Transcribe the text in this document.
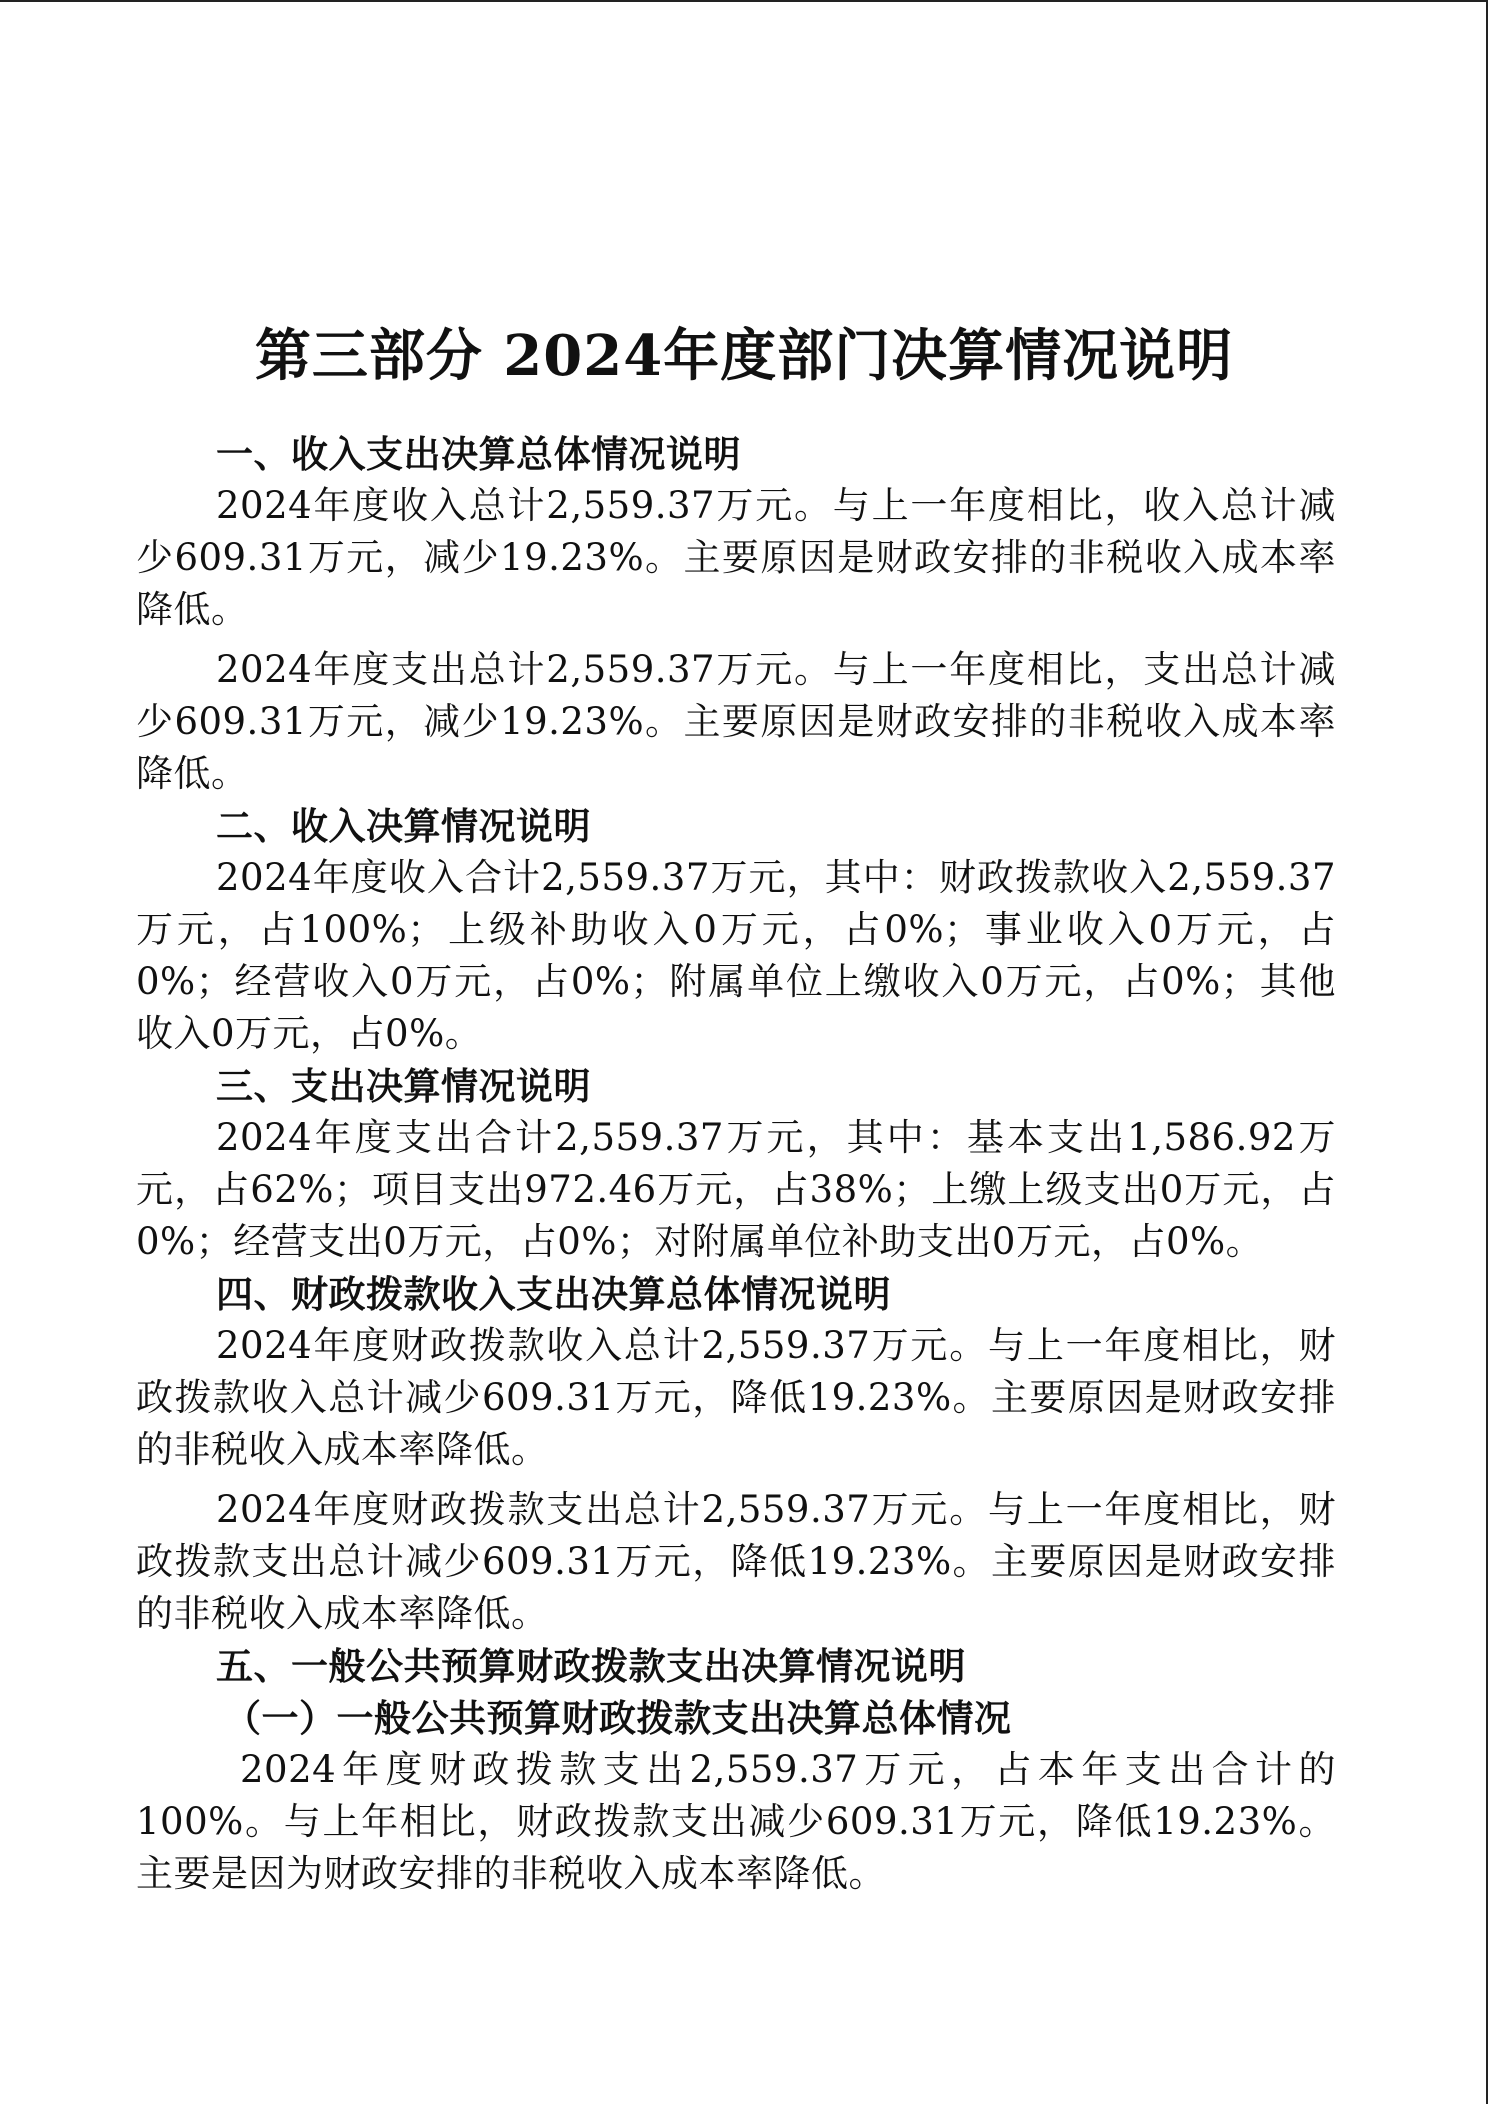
第三部分 2024年度部门决算情况说明

一、收入支出决算总体情况说明

2024年度收入总计2,559.37万元。与上一年度相比，收入总计减少609.31万元，减少19.23%。主要原因是财政安排的非税收入成本率降低。

2024年度支出总计2,559.37万元。与上一年度相比，支出总计减少609.31万元，减少19.23%。主要原因是财政安排的非税收入成本率降低。

二、收入决算情况说明

2024年度收入合计2,559.37万元，其中：财政拨款收入2,559.37万元，占100%；上级补助收入0万元，占0%；事业收入0万元，占0%；经营收入0万元，占0%；附属单位上缴收入0万元，占0%；其他收入0万元，占0%。

三、支出决算情况说明

2024年度支出合计2,559.37万元，其中：基本支出1,586.92万元，占62%；项目支出972.46万元，占38%；上缴上级支出0万元，占0%；经营支出0万元，占0%；对附属单位补助支出0万元，占0%。

四、财政拨款收入支出决算总体情况说明

2024年度财政拨款收入总计2,559.37万元。与上一年度相比，财政拨款收入总计减少609.31万元，降低19.23%。主要原因是财政安排的非税收入成本率降低。

2024年度财政拨款支出总计2,559.37万元。与上一年度相比，财政拨款支出总计减少609.31万元，降低19.23%。主要原因是财政安排的非税收入成本率降低。

五、一般公共预算财政拨款支出决算情况说明

（一）一般公共预算财政拨款支出决算总体情况

2024年度财政拨款支出2,559.37万元，占本年支出合计的100%。与上年相比，财政拨款支出减少609.31万元，降低19.23%。主要是因为财政安排的非税收入成本率降低。
